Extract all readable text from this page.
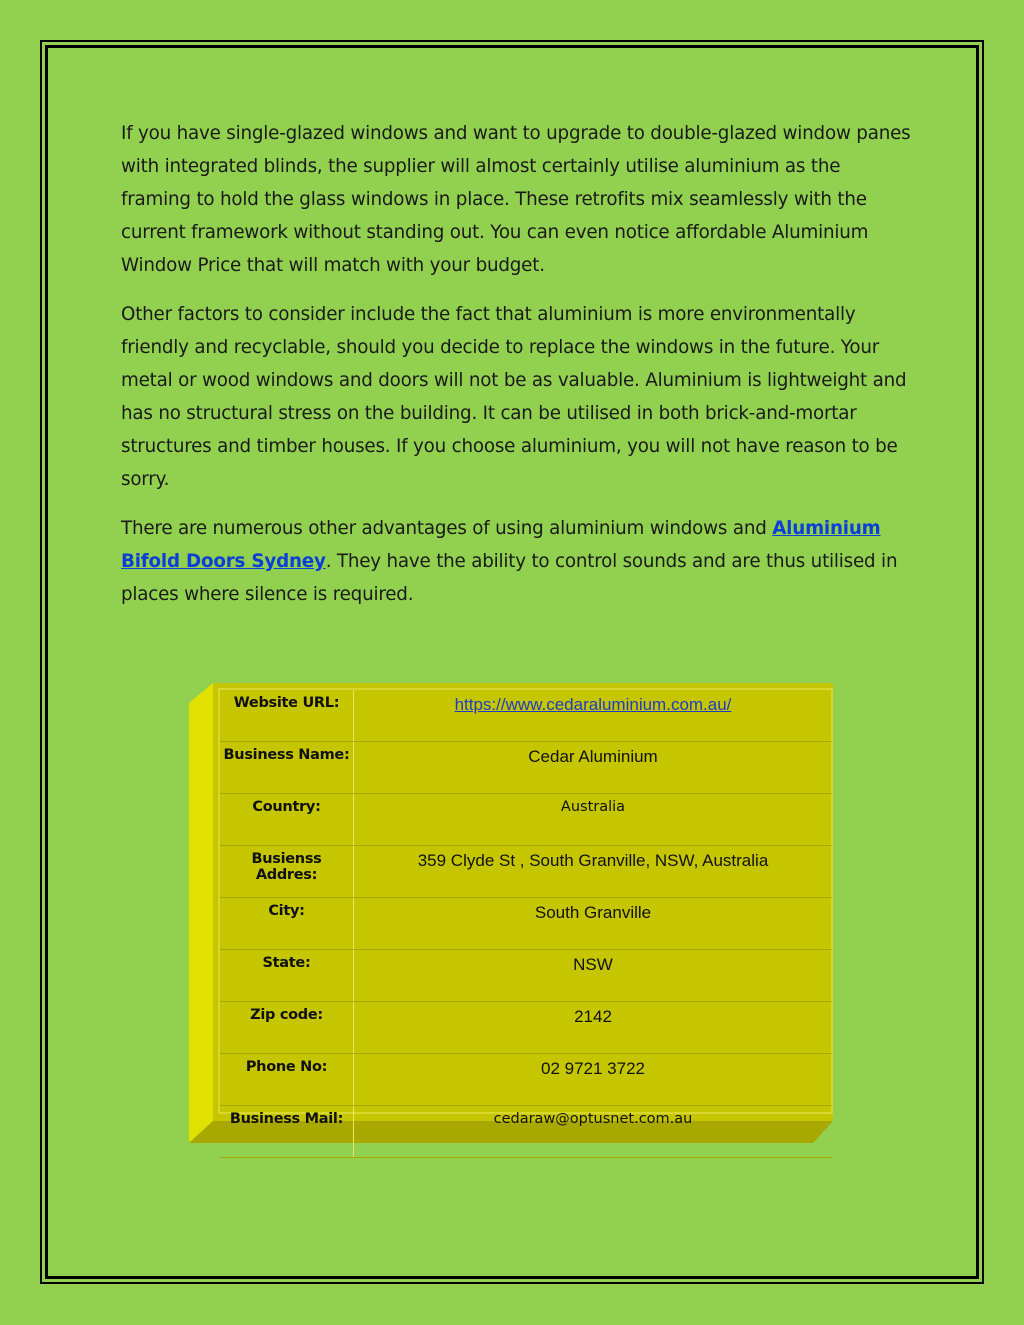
If you have single-glazed windows and want to upgrade to double-glazed window panes with integrated blinds, the supplier will almost certainly utilise aluminium as the framing to hold the glass windows in place. These retrofits mix seamlessly with the current framework without standing out. You can even notice affordable Aluminium Window Price that will match with your budget.

Other factors to consider include the fact that aluminium is more environmentally friendly and recyclable, should you decide to replace the windows in the future. Your metal or wood windows and doors will not be as valuable. Aluminium is lightweight and has no structural stress on the building. It can be utilised in both brick-and-mortar structures and timber houses. If you choose aluminium, you will not have reason to be sorry.

There are numerous other advantages of using aluminium windows and Aluminium Bifold Doors Sydney. They have the ability to control sounds and are thus utilised in places where silence is required.

Website URL:	https://www.cedaraluminium.com.au/
Business Name:	Cedar Aluminium
Country:	Australia
Busienss Addres:	359 Clyde St , South Granville, NSW, Australia
City:	South Granville
State:	NSW
Zip code:	2142
Phone No:	02 9721 3722
Business Mail:	cedaraw@optusnet.com.au
